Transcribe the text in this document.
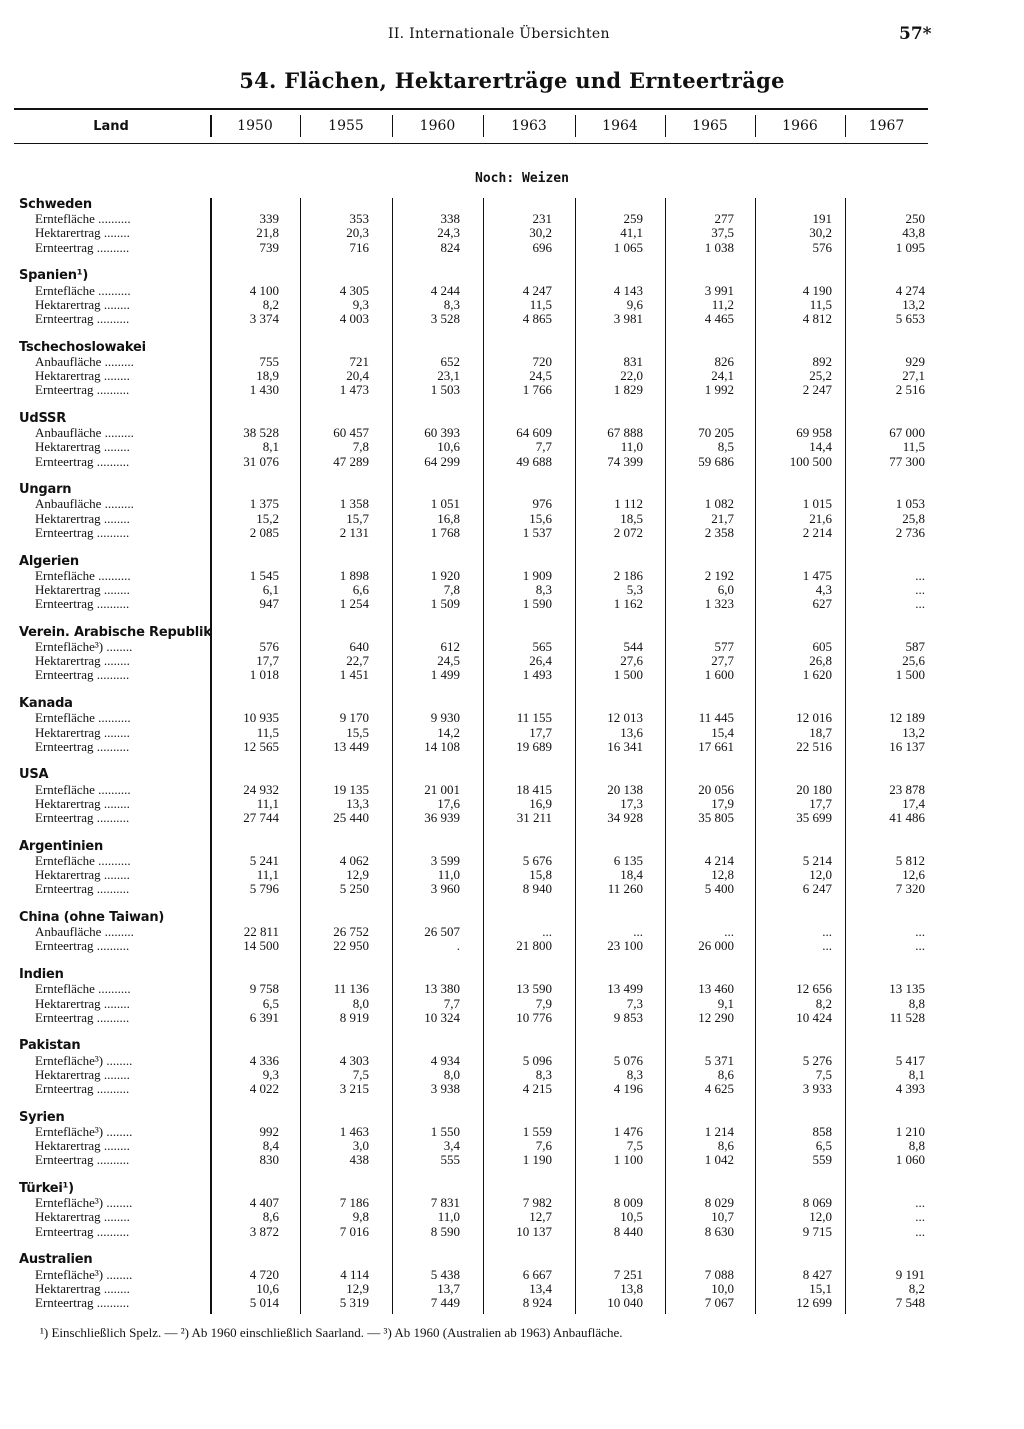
II. Internationale Übersichten	57*
54. Flächen, Hektarerträge und Ernteerträge
Land	1950	1955	1960	1963	1964	1965	1966	1967
Noch: Weizen
Schweden
Erntefläche ..........	339	353	338	231	259	277	191	250
Hektarertrag ........	21,8	20,3	24,3	30,2	41,1	37,5	30,2	43,8
Ernteertrag ..........	739	716	824	696	1 065	1 038	576	1 095
Spanien¹)
Erntefläche ..........	4 100	4 305	4 244	4 247	4 143	3 991	4 190	4 274
Hektarertrag ........	8,2	9,3	8,3	11,5	9,6	11,2	11,5	13,2
Ernteertrag ..........	3 374	4 003	3 528	4 865	3 981	4 465	4 812	5 653
Tschechoslowakei
Anbaufläche .........	755	721	652	720	831	826	892	929
Hektarertrag ........	18,9	20,4	23,1	24,5	22,0	24,1	25,2	27,1
Ernteertrag ..........	1 430	1 473	1 503	1 766	1 829	1 992	2 247	2 516
UdSSR
Anbaufläche .........	38 528	60 457	60 393	64 609	67 888	70 205	69 958	67 000
Hektarertrag ........	8,1	7,8	10,6	7,7	11,0	8,5	14,4	11,5
Ernteertrag ..........	31 076	47 289	64 299	49 688	74 399	59 686	100 500	77 300
Ungarn
Anbaufläche .........	1 375	1 358	1 051	976	1 112	1 082	1 015	1 053
Hektarertrag ........	15,2	15,7	16,8	15,6	18,5	21,7	21,6	25,8
Ernteertrag ..........	2 085	2 131	1 768	1 537	2 072	2 358	2 214	2 736
Algerien
Erntefläche ..........	1 545	1 898	1 920	1 909	2 186	2 192	1 475	...
Hektarertrag ........	6,1	6,6	7,8	8,3	5,3	6,0	4,3	...
Ernteertrag ..........	947	1 254	1 509	1 590	1 162	1 323	627	...
Verein. Arabische Republik
Erntefläche³) ........	576	640	612	565	544	577	605	587
Hektarertrag ........	17,7	22,7	24,5	26,4	27,6	27,7	26,8	25,6
Ernteertrag ..........	1 018	1 451	1 499	1 493	1 500	1 600	1 620	1 500
Kanada
Erntefläche ..........	10 935	9 170	9 930	11 155	12 013	11 445	12 016	12 189
Hektarertrag ........	11,5	15,5	14,2	17,7	13,6	15,4	18,7	13,2
Ernteertrag ..........	12 565	13 449	14 108	19 689	16 341	17 661	22 516	16 137
USA
Erntefläche ..........	24 932	19 135	21 001	18 415	20 138	20 056	20 180	23 878
Hektarertrag ........	11,1	13,3	17,6	16,9	17,3	17,9	17,7	17,4
Ernteertrag ..........	27 744	25 440	36 939	31 211	34 928	35 805	35 699	41 486
Argentinien
Erntefläche ..........	5 241	4 062	3 599	5 676	6 135	4 214	5 214	5 812
Hektarertrag ........	11,1	12,9	11,0	15,8	18,4	12,8	12,0	12,6
Ernteertrag ..........	5 796	5 250	3 960	8 940	11 260	5 400	6 247	7 320
China (ohne Taiwan)
Anbaufläche .........	22 811	26 752	26 507	...	...	...	...	...
Ernteertrag ..........	14 500	22 950	.	21 800	23 100	26 000	...	...
Indien
Erntefläche ..........	9 758	11 136	13 380	13 590	13 499	13 460	12 656	13 135
Hektarertrag ........	6,5	8,0	7,7	7,9	7,3	9,1	8,2	8,8
Ernteertrag ..........	6 391	8 919	10 324	10 776	9 853	12 290	10 424	11 528
Pakistan
Erntefläche³) ........	4 336	4 303	4 934	5 096	5 076	5 371	5 276	5 417
Hektarertrag ........	9,3	7,5	8,0	8,3	8,3	8,6	7,5	8,1
Ernteertrag ..........	4 022	3 215	3 938	4 215	4 196	4 625	3 933	4 393
Syrien
Erntefläche³) ........	992	1 463	1 550	1 559	1 476	1 214	858	1 210
Hektarertrag ........	8,4	3,0	3,4	7,6	7,5	8,6	6,5	8,8
Ernteertrag ..........	830	438	555	1 190	1 100	1 042	559	1 060
Türkei¹)
Erntefläche³) ........	4 407	7 186	7 831	7 982	8 009	8 029	8 069	...
Hektarertrag ........	8,6	9,8	11,0	12,7	10,5	10,7	12,0	...
Ernteertrag ..........	3 872	7 016	8 590	10 137	8 440	8 630	9 715	...
Australien
Erntefläche³) ........	4 720	4 114	5 438	6 667	7 251	7 088	8 427	9 191
Hektarertrag ........	10,6	12,9	13,7	13,4	13,8	10,0	15,1	8,2
Ernteertrag ..........	5 014	5 319	7 449	8 924	10 040	7 067	12 699	7 548
¹) Einschließlich Spelz. — ²) Ab 1960 einschließlich Saarland. — ³) Ab 1960 (Australien ab 1963) Anbaufläche.
